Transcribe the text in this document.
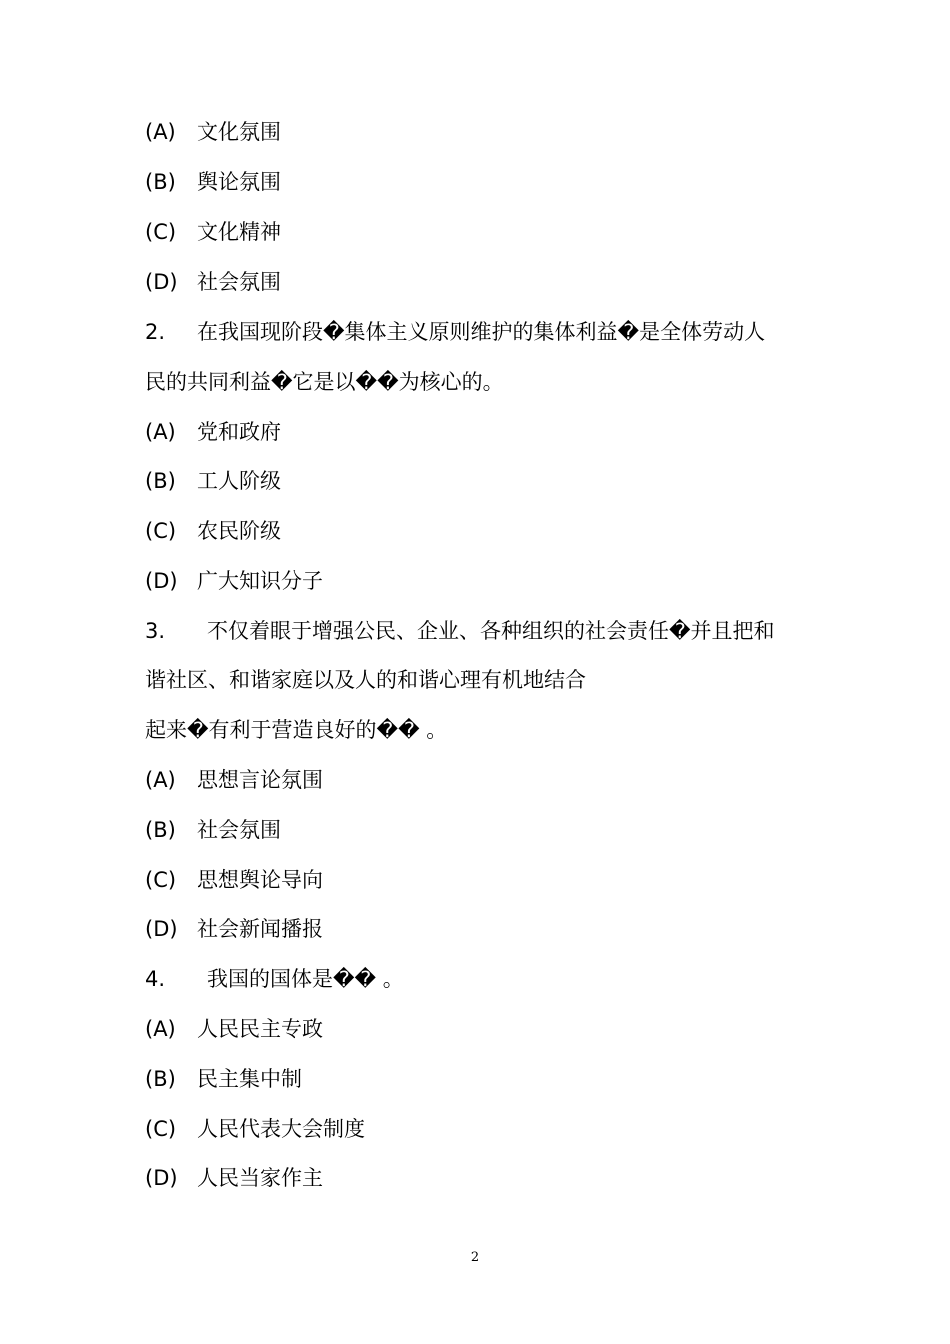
(A) 文化氛围
(B) 舆论氛围
(C) 文化精神
(D) 社会氛围
2. 在我国现阶段�集体主义原则维护的集体利益�是全体劳动人
民的共同利益�它是以��为核心的。
(A) 党和政府
(B) 工人阶级
(C) 农民阶级
(D) 广大知识分子
3. 不仅着眼于增强公民、企业、各种组织的社会责任�并且把和
谐社区、和谐家庭以及人的和谐心理有机地结合
起来�有利于营造良好的�� 。
(A) 思想言论氛围
(B) 社会氛围
(C) 思想舆论导向
(D) 社会新闻播报
4. 我国的国体是�� 。
(A) 人民民主专政
(B) 民主集中制
(C) 人民代表大会制度
(D) 人民当家作主
2
